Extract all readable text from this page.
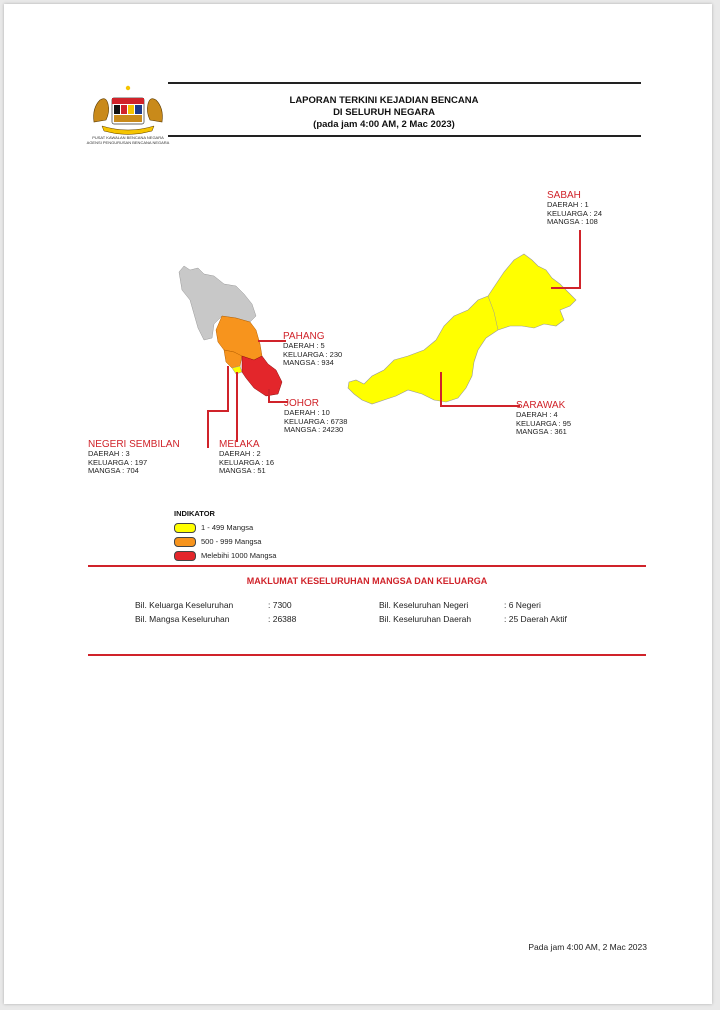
PUSAT KAWALAN BENCANA NEGARA
AGENSI PENGURUSAN BENCANA NEGARA
LAPORAN TERKINI KEJADIAN BENCANA
DI SELURUH NEGARA
(pada jam 4:00 AM, 2 Mac 2023)
SABAH
DAERAH : 1
KELUARGA : 24
MANGSA : 108
PAHANG
DAERAH : 5
KELUARGA : 230
MANGSA : 934
JOHOR
DAERAH : 10
KELUARGA : 6738
MANGSA : 24230
SARAWAK
DAERAH : 4
KELUARGA : 95
MANGSA : 361
NEGERI SEMBILAN
DAERAH : 3
KELUARGA : 197
MANGSA : 704
MELAKA
DAERAH : 2
KELUARGA : 16
MANGSA : 51
INDIKATOR
1 - 499 Mangsa
500 - 999 Mangsa
Melebihi 1000 Mangsa
MAKLUMAT KESELURUHAN MANGSA DAN KELUARGA
Bil. Keluarga Keseluruhan	: 7300
Bil. Mangsa Keseluruhan	: 26388
Bil. Keseluruhan Negeri	: 6 Negeri
Bil. Keseluruhan Daerah	: 25 Daerah Aktif
Pada jam 4:00 AM, 2 Mac 2023
